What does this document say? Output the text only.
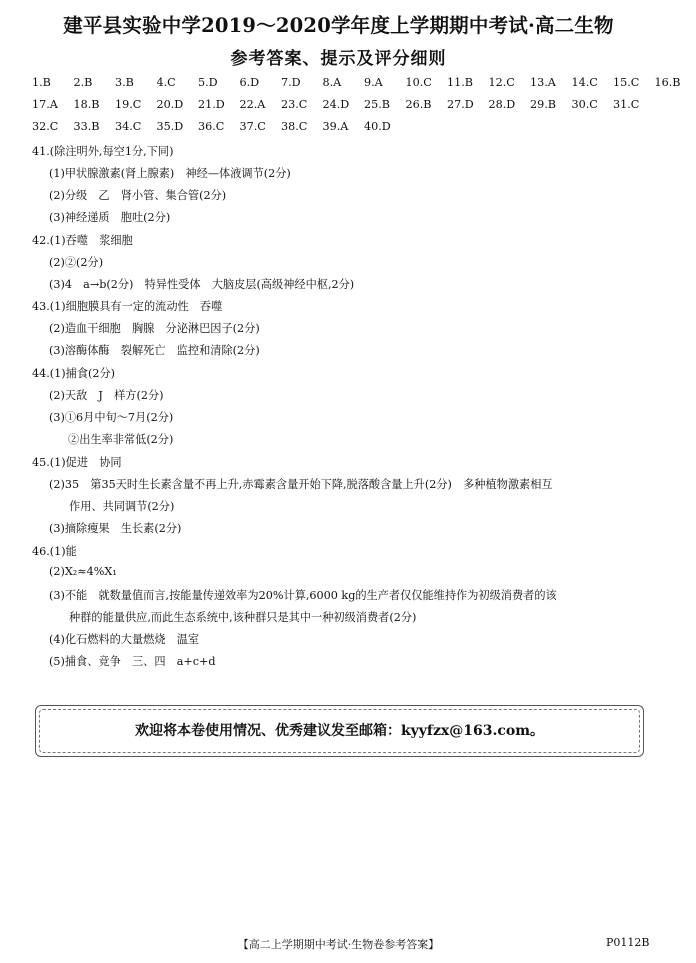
建平县实验中学2019～2020学年度上学期期中考试·高二生物
参考答案、提示及评分细则
1.B 2.B 3.B 4.C 5.D 6.D 7.D 8.A 9.A 10.C 11.B 12.C 13.A 14.C 15.C 16.B
17.A 18.B 19.C 20.D 21.D 22.A 23.C 24.D 25.B 26.B 27.D 28.D 29.B 30.C 31.C
32.C 33.B 34.C 35.D 36.C 37.C 38.C 39.A 40.D
41.(除注明外,每空1分,下同)
(1)甲状腺激素(肾上腺素)　神经—体液调节(2分)
(2)分级　乙　肾小管、集合管(2分)
(3)神经递质　胞吐(2分)
42.(1)吞噬　浆细胞
(2)②(2分)
(3)4　a→b(2分)　特异性受体　大脑皮层(高级神经中枢,2分)
43.(1)细胞膜具有一定的流动性　吞噬
(2)造血干细胞　胸腺　分泌淋巴因子(2分)
(3)溶酶体酶　裂解死亡　监控和清除(2分)
44.(1)捕食(2分)
(2)天敌　J　样方(2分)
(3)①6月中旬～7月(2分)
②出生率非常低(2分)
45.(1)促进　协同
(2)35　第35天时生长素含量不再上升,赤霉素含量开始下降,脱落酸含量上升(2分)　多种植物激素相互
作用、共同调节(2分)
(3)摘除瘦果　生长素(2分)
46.(1)能
(2)X₂≈4%X₁
(3)不能　就数量值而言,按能量传递效率为20%计算,6000 kg的生产者仅仅能维持作为初级消费者的该
种群的能量供应,而此生态系统中,该种群只是其中一种初级消费者(2分)
(4)化石燃料的大量燃烧　温室
(5)捕食、竞争　三、四　a+c+d
欢迎将本卷使用情况、优秀建议发至邮箱：kyyfzx@163.com。
【高二上学期期中考试·生物卷参考答案】	P0112B
